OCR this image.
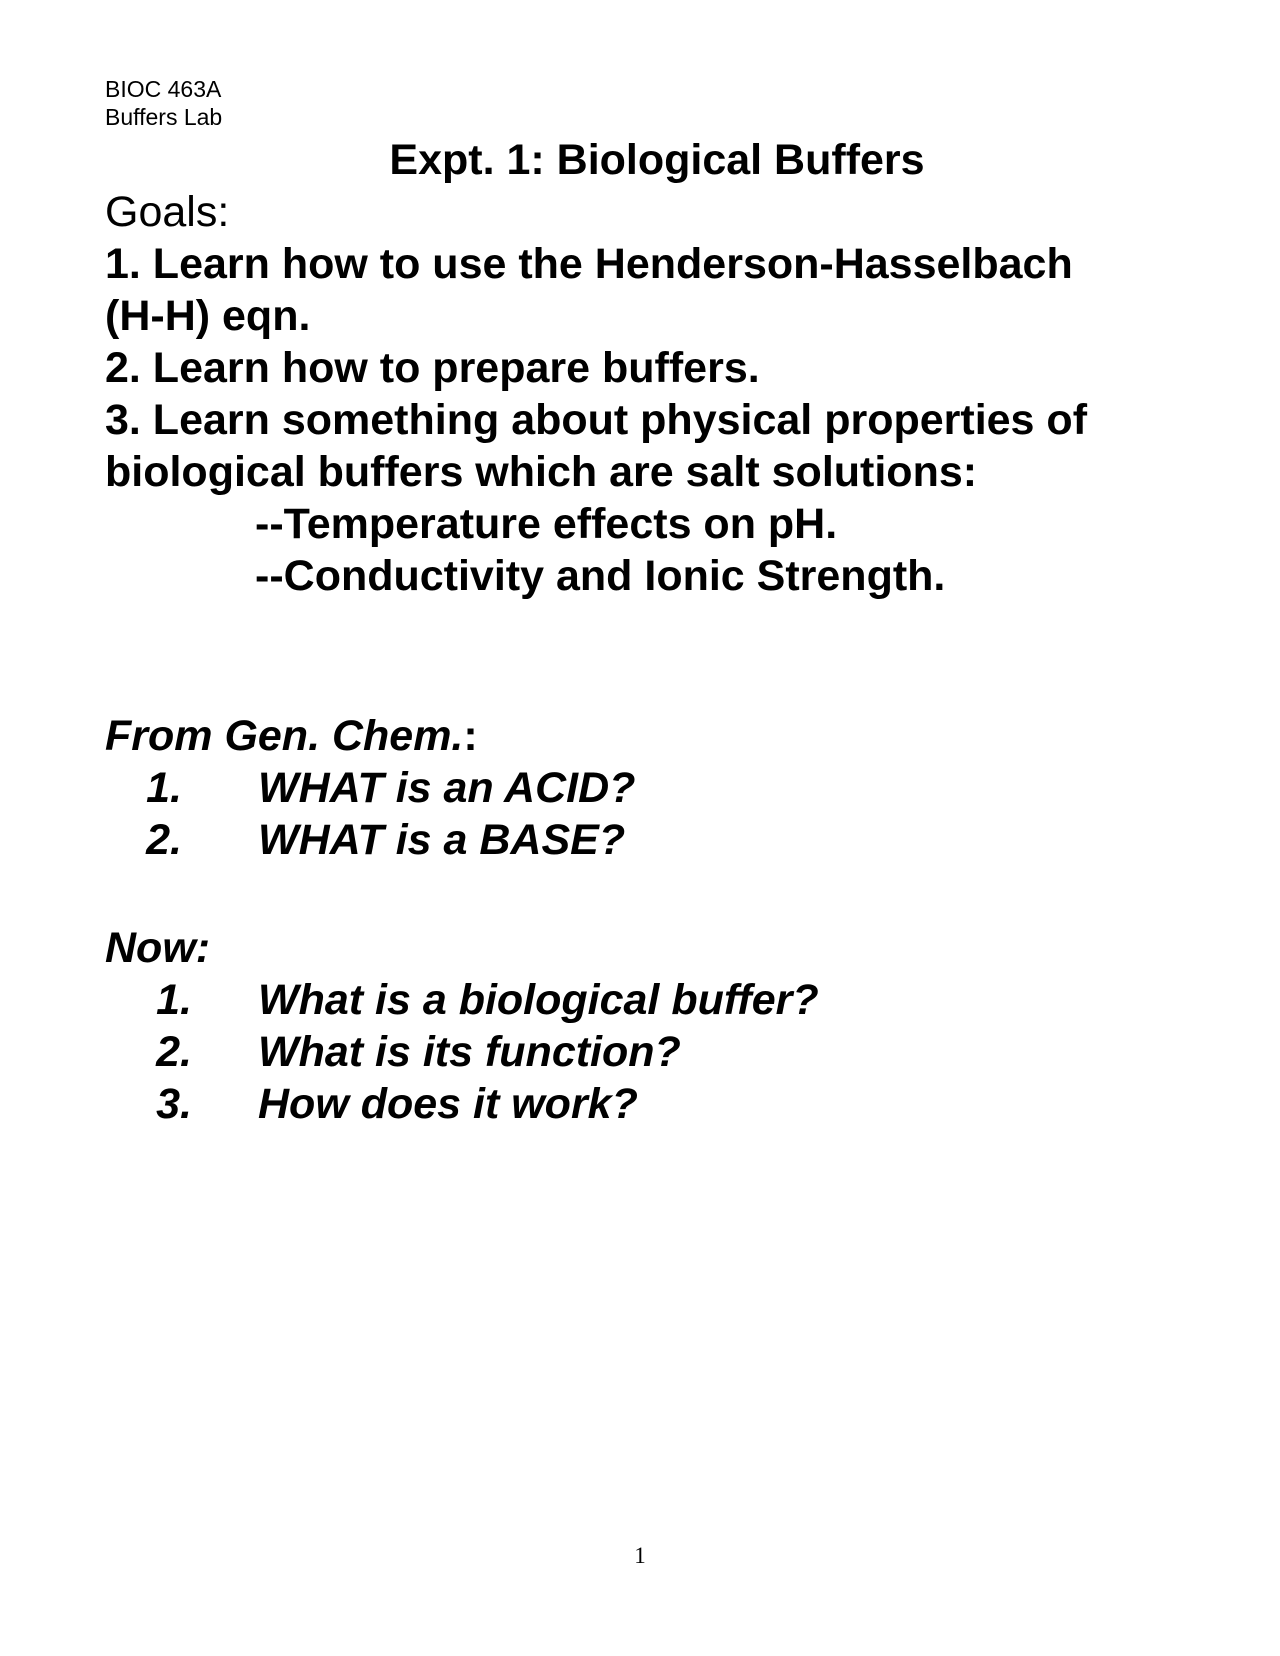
BIOC 463A
Buffers Lab
Expt. 1: Biological Buffers
Goals:
1. Learn how to use the Henderson-Hasselbach
(H-H) eqn.
2. Learn how to prepare buffers.
3. Learn something about physical properties of
biological buffers which are salt solutions:
--Temperature effects on pH.
--Conductivity and Ionic Strength.
From Gen. Chem.:
1. WHAT is an ACID?
2. WHAT is a BASE?
Now:
1. What is a biological buffer?
2. What is its function?
3. How does it work?
1
